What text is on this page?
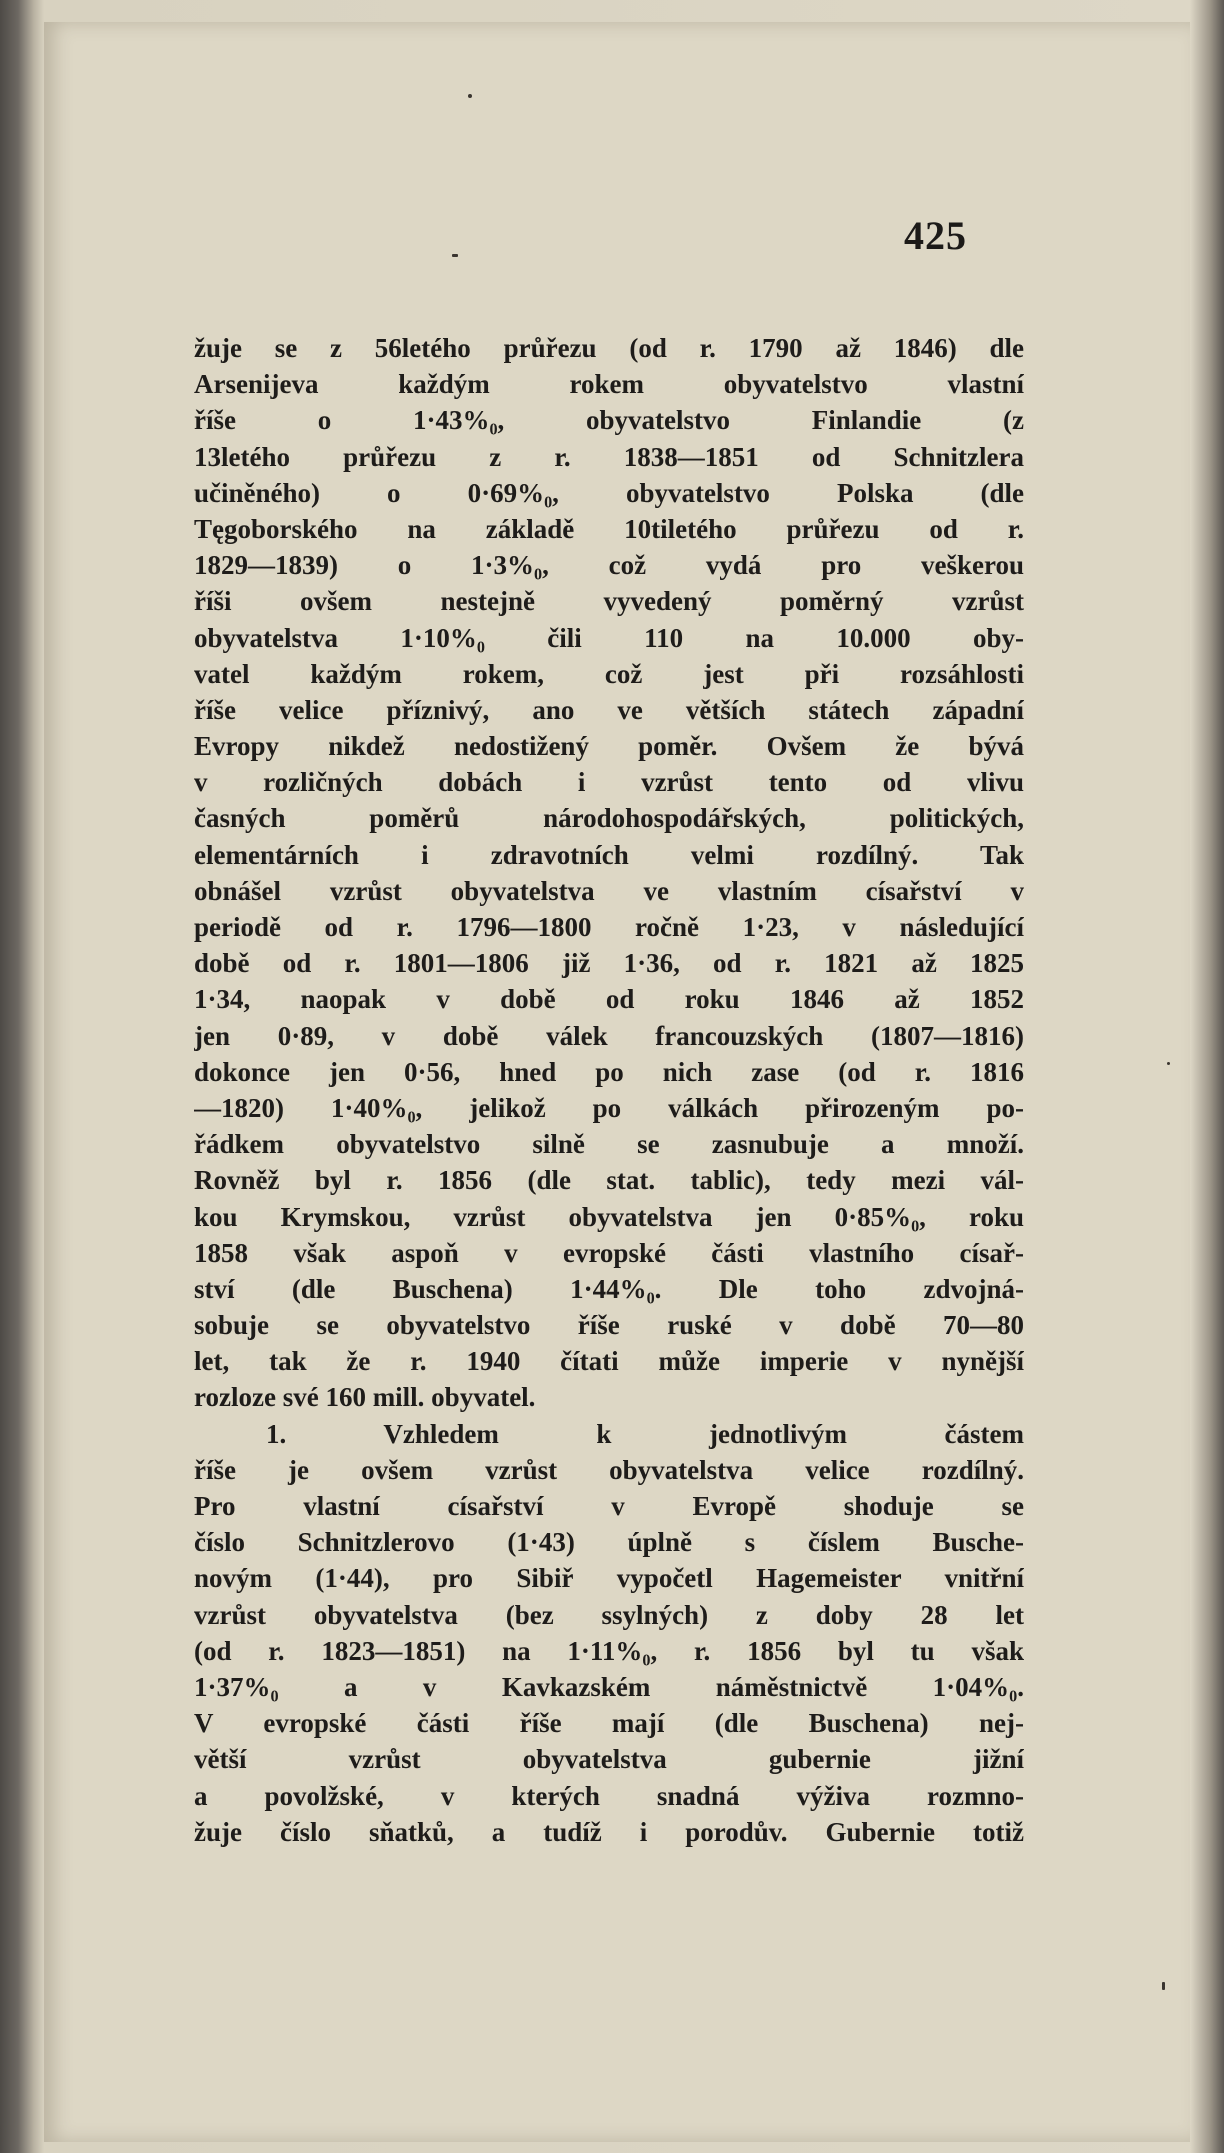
425
žuje se z 56letého průřezu (od r. 1790 až 1846) dle
Arsenijeva každým rokem obyvatelstvo vlastní
říše o 1·43%₀, obyvatelstvo Finlandie (z
13letého průřezu z r. 1838—1851 od Schnitzlera
učiněného) o 0·69%₀, obyvatelstvo Polska (dle
Tęgoborského na základě 10tiletého průřezu od r.
1829—1839) o 1·3%₀, což vydá pro veškerou
říši ovšem nestejně vyvedený poměrný vzrůst
obyvatelstva 1·10%₀ čili 110 na 10.000 oby-
vatel každým rokem, což jest při rozsáhlosti
říše velice příznivý, ano ve větších státech západní
Evropy nikdež nedostižený poměr. Ovšem že bývá
v rozličných dobách i vzrůst tento od vlivu
časných poměrů národohospodářských, politických,
elementárních i zdravotních velmi rozdílný. Tak
obnášel vzrůst obyvatelstva ve vlastním císařství v
periodě od r. 1796—1800 ročně 1·23, v následující
době od r. 1801—1806 již 1·36, od r. 1821 až 1825
1·34, naopak v době od roku 1846 až 1852
jen 0·89, v době válek francouzských (1807—1816)
dokonce jen 0·56, hned po nich zase (od r. 1816
—1820) 1·40%₀, jelikož po válkách přirozeným po-
řádkem obyvatelstvo silně se zasnubuje a množí.
Rovněž byl r. 1856 (dle stat. tablic), tedy mezi vál-
kou Krymskou, vzrůst obyvatelstva jen 0·85%₀, roku
1858 však aspoň v evropské části vlastního císař-
ství (dle Buschena) 1·44%₀. Dle toho zdvojná-
sobuje se obyvatelstvo říše ruské v době 70—80
let, tak že r. 1940 čítati může imperie v nynější
rozloze své 160 mill. obyvatel.
1. Vzhledem k jednotlivým částem
říše je ovšem vzrůst obyvatelstva velice rozdílný.
Pro vlastní císařství v Evropě shoduje se
číslo Schnitzlerovo (1·43) úplně s číslem Busche-
novým (1·44), pro Sibiř vypočetl Hagemeister vnitřní
vzrůst obyvatelstva (bez ssylných) z doby 28 let
(od r. 1823—1851) na 1·11%₀, r. 1856 byl tu však
1·37%₀ a v Kavkazském náměstnictvě 1·04%₀.
V evropské části říše mají (dle Buschena) nej-
větší vzrůst obyvatelstva gubernie jižní
a povolžské, v kterých snadná výživa rozmno-
žuje číslo sňatků, a tudíž i porodův. Gubernie totiž
